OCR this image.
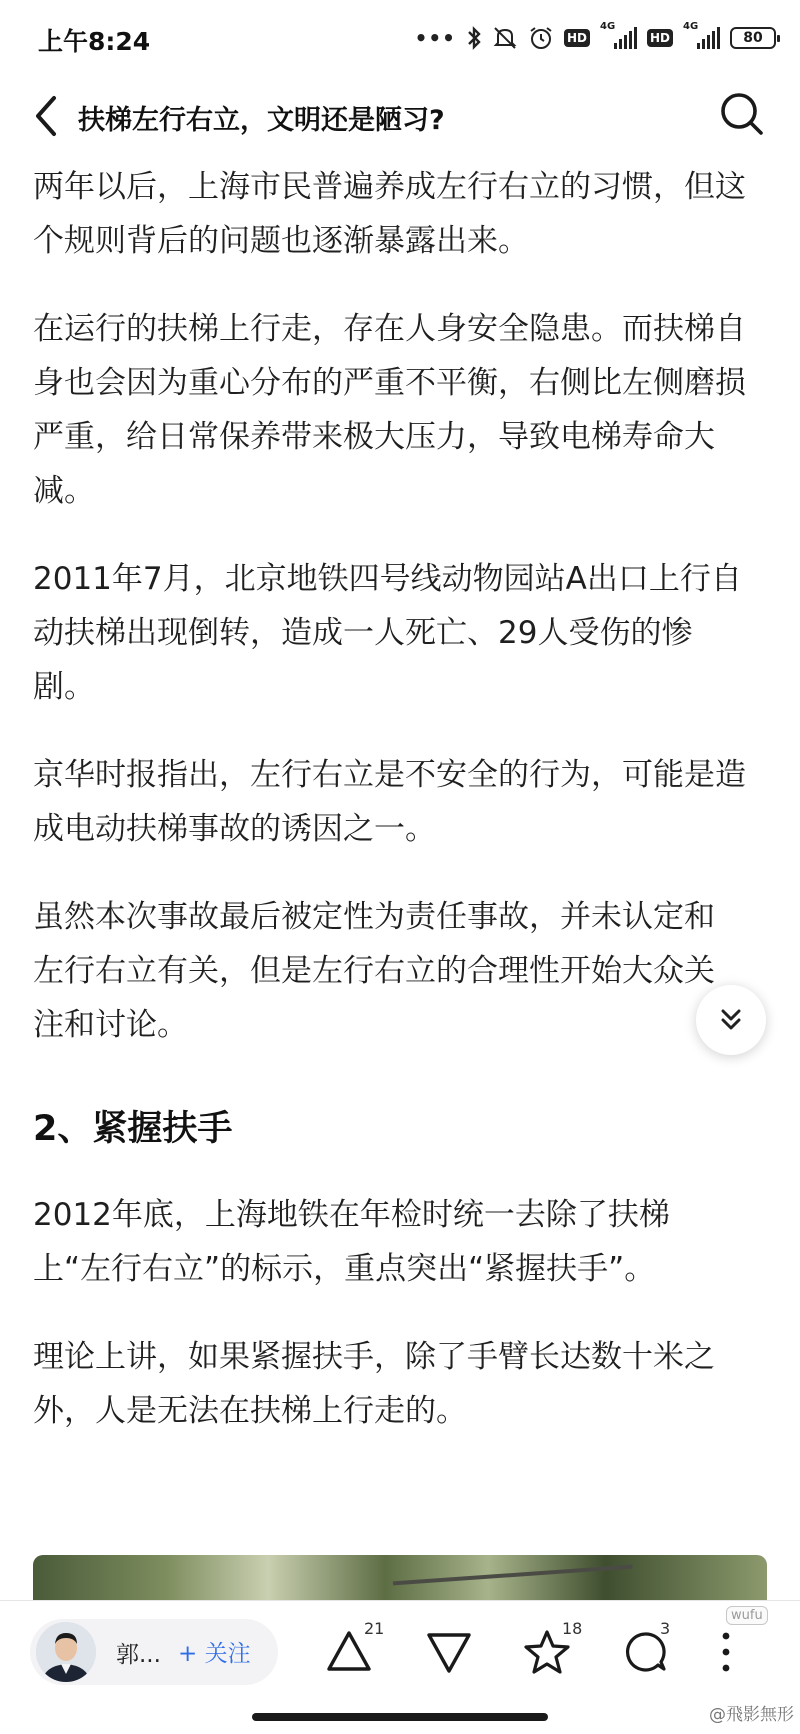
上午8:24	•••	HD
4G
HD
4G
80
扶梯左行右立，文明还是陋习?

两年以后，上海市民普遍养成左行右立的习惯，但这个规则背后的问题也逐渐暴露出来。

在运行的扶梯上行走，存在人身安全隐患。而扶梯自身也会因为重心分布的严重不平衡，右侧比左侧磨损严重，给日常保养带来极大压力，导致电梯寿命大减。

2011年7月，北京地铁四号线动物园站A出口上行自动扶梯出现倒转，造成一人死亡、29人受伤的惨剧。

京华时报指出，左行右立是不安全的行为，可能是造成电动扶梯事故的诱因之一。

虽然本次事故最后被定性为责任事故，并未认定和左行右立有关，但是左行右立的合理性开始大众关注和讨论。

2、紧握扶手

2012年底，上海地铁在年检时统一去除了扶梯上“左行右立”的标示，重点突出“紧握扶手”。

理论上讲，如果紧握扶手，除了手臂长达数十米之外，人是无法在扶梯上行走的。

郭... + 关注
21	18	3
wufu
@飛影無形
